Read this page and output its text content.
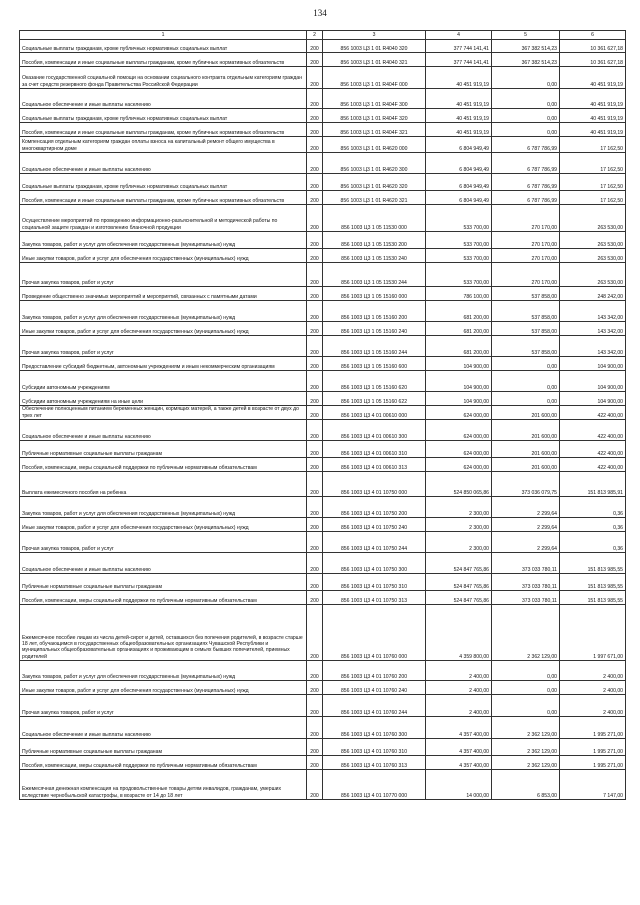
134
1	2	3	4	5	6
Социальные выплаты гражданам, кроме публичных нормативных социальных выплат	200	856 1003 Ц3 1 01 R4040 320	377 744 141,41	367 382 514,23	10 361 627,18
Пособия, компенсации и иные социальные выплаты гражданам, кроме публичных нормативных обязательств	200	856 1003 Ц3 1 01 R4040 321	377 744 141,41	367 382 514,23	10 361 627,18
Оказание государственной социальной помощи на основании социального контракта отдельным категориям граждан за счет средств резервного фонда Правительства Российской Федерации	200	856 1003 Ц3 1 01 R404F 000	40 451 919,19	0,00	40 451 919,19
Социальное обеспечение и иные выплаты населению	200	856 1003 Ц3 1 01 R404F 300	40 451 919,19	0,00	40 451 919,19
Социальные выплаты гражданам, кроме публичных нормативных социальных выплат	200	856 1003 Ц3 1 01 R404F 320	40 451 919,19	0,00	40 451 919,19
Пособия, компенсации и иные социальные выплаты гражданам, кроме публичных нормативных обязательств	200	856 1003 Ц3 1 01 R404F 321	40 451 919,19	0,00	40 451 919,19
Компенсация отдельным категориям граждан оплаты взноса на капитальный ремонт общего имущества в многоквартирном доме	200	856 1003 Ц3 1 01 R4620 000	6 804 949,49	6 787 786,99	17 162,50
Социальное обеспечение и иные выплаты населению	200	856 1003 Ц3 1 01 R4620 300	6 804 949,49	6 787 786,99	17 162,50
Социальные выплаты гражданам, кроме публичных нормативных социальных выплат	200	856 1003 Ц3 1 01 R4620 320	6 804 949,49	6 787 786,99	17 162,50
Пособия, компенсации и иные социальные выплаты гражданам, кроме публичных нормативных обязательств	200	856 1003 Ц3 1 01 R4620 321	6 804 949,49	6 787 786,99	17 162,50
Осуществление мероприятий по проведению информационно-разъяснительной и методической работы по социальной защите граждан и изготовлению бланочной продукции	200	856 1003 Ц3 1 05 11530 000	533 700,00	270 170,00	263 530,00
Закупка товаров, работ и услуг для обеспечения государственных (муниципальных) нужд	200	856 1003 Ц3 1 05 11530 200	533 700,00	270 170,00	263 530,00
Иные закупки товаров, работ и услуг для обеспечения государственных (муниципальных) нужд	200	856 1003 Ц3 1 05 11530 240	533 700,00	270 170,00	263 530,00
Прочая закупка товаров, работ и услуг	200	856 1003 Ц3 1 05 11530 244	533 700,00	270 170,00	263 530,00
Проведение общественно значимых мероприятий и мероприятий, связанных с памятными датами	200	856 1003 Ц3 1 05 15160 000	786 100,00	537 858,00	248 242,00
Закупка товаров, работ и услуг для обеспечения государственных (муниципальных) нужд	200	856 1003 Ц3 1 05 15160 200	681 200,00	537 858,00	143 342,00
Иные закупки товаров, работ и услуг для обеспечения государственных (муниципальных) нужд	200	856 1003 Ц3 1 05 15160 240	681 200,00	537 858,00	143 342,00
Прочая закупка товаров, работ и услуг	200	856 1003 Ц3 1 05 15160 244	681 200,00	537 858,00	143 342,00
Предоставление субсидий бюджетным, автономным учреждениям и иным некоммерческим организациям	200	856 1003 Ц3 1 05 15160 600	104 900,00	0,00	104 900,00
Субсидии автономным учреждениям	200	856 1003 Ц3 1 05 15160 620	104 900,00	0,00	104 900,00
Субсидии автономным учреждениям на иные цели	200	856 1003 Ц3 1 05 15160 622	104 900,00	0,00	104 900,00
Обеспечение полноценным питанием беременных женщин, кормящих матерей, а также детей в возрасте от двух до трех лет	200	856 1003 Ц3 4 01 00610 000	624 000,00	201 600,00	422 400,00
Социальное обеспечение и иные выплаты населению	200	856 1003 Ц3 4 01 00610 300	624 000,00	201 600,00	422 400,00
Публичные нормативные социальные выплаты гражданам	200	856 1003 Ц3 4 01 00610 310	624 000,00	201 600,00	422 400,00
Пособия, компенсации, меры социальной поддержки по публичным нормативным обязательствам	200	856 1003 Ц3 4 01 00610 313	624 000,00	201 600,00	422 400,00
Выплата ежемесячного пособия на ребенка	200	856 1003 Ц3 4 01 10750 000	524 850 065,86	373 036 079,75	151 813 985,91
Закупка товаров, работ и услуг для обеспечения государственных (муниципальных) нужд	200	856 1003 Ц3 4 01 10750 200	2 300,00	2 299,64	0,36
Иные закупки товаров, работ и услуг для обеспечения государственных (муниципальных) нужд	200	856 1003 Ц3 4 01 10750 240	2 300,00	2 299,64	0,36
Прочая закупка товаров, работ и услуг	200	856 1003 Ц3 4 01 10750 244	2 300,00	2 299,64	0,36
Социальное обеспечение и иные выплаты населению	200	856 1003 Ц3 4 01 10750 300	524 847 765,86	373 033 780,11	151 813 985,55
Публичные нормативные социальные выплаты гражданам	200	856 1003 Ц3 4 01 10750 310	524 847 765,86	373 033 780,11	151 813 985,55
Пособия, компенсации, меры социальной поддержки по публичным нормативным обязательствам	200	856 1003 Ц3 4 01 10750 313	524 847 765,86	373 033 780,11	151 813 985,55
Ежемесячное пособие лицам из числа детей-сирот и детей, оставшихся без попечения родителей, в возрасте старше 18 лет, обучающимся в государственных общеобразовательных организациях Чувашской Республики и муниципальных общеобразовательных организациях и проживающим в семьях бывших попечителей, приемных родителей	200	856 1003 Ц3 4 01 10760 000	4 359 800,00	2 362 129,00	1 997 671,00
Закупка товаров, работ и услуг для обеспечения государственных (муниципальных) нужд	200	856 1003 Ц3 4 01 10760 200	2 400,00	0,00	2 400,00
Иные закупки товаров, работ и услуг для обеспечения государственных (муниципальных) нужд	200	856 1003 Ц3 4 01 10760 240	2 400,00	0,00	2 400,00
Прочая закупка товаров, работ и услуг	200	856 1003 Ц3 4 01 10760 244	2 400,00	0,00	2 400,00
Социальное обеспечение и иные выплаты населению	200	856 1003 Ц3 4 01 10760 300	4 357 400,00	2 362 129,00	1 995 271,00
Публичные нормативные социальные выплаты гражданам	200	856 1003 Ц3 4 01 10760 310	4 357 400,00	2 362 129,00	1 995 271,00
Пособия, компенсации, меры социальной поддержки по публичным нормативным обязательствам	200	856 1003 Ц3 4 01 10760 313	4 357 400,00	2 362 129,00	1 995 271,00
Ежемесячная денежная компенсация на продовольственные товары детям инвалидов, гражданам, умерших вследствие чернобыльской катастрофы, в возрасте от 14 до 18 лет	200	856 1003 Ц3 4 01 10770 000	14 000,00	6 853,00	7 147,00
